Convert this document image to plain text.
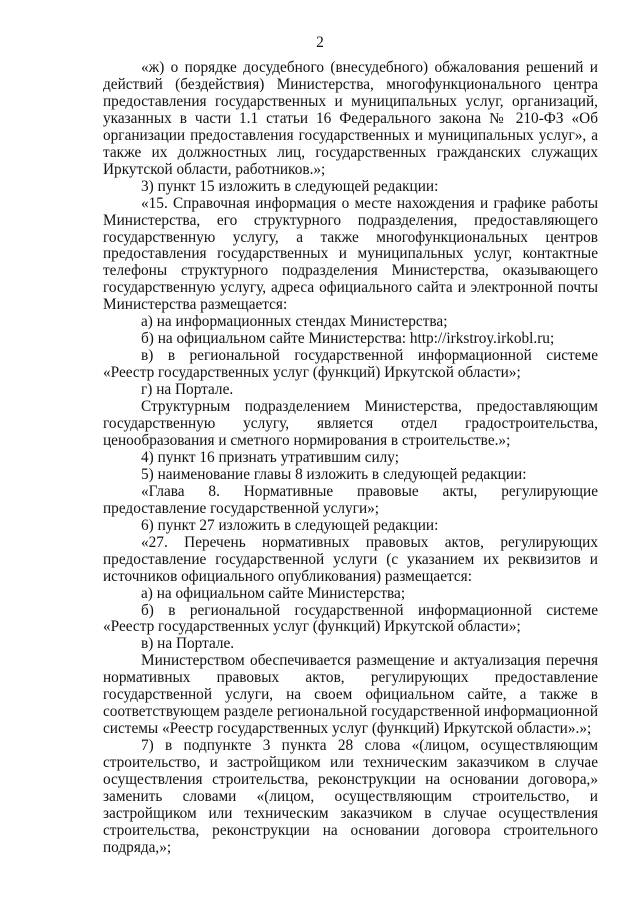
2

«ж) о порядке досудебного (внесудебного) обжалования решений и действий (бездействия) Министерства, многофункционального центра предоставления государственных и муниципальных услуг, организаций, указанных в части 1.1 статьи 16 Федерального закона № 210-ФЗ «Об организации предоставления государственных и муниципальных услуг», а также их должностных лиц, государственных гражданских служащих Иркутской области, работников.»;

3) пункт 15 изложить в следующей редакции:

«15. Справочная информация о месте нахождения и графике работы Министерства, его структурного подразделения, предоставляющего государственную услугу, а также многофункциональных центров предоставления государственных и муниципальных услуг, контактные телефоны структурного подразделения Министерства, оказывающего государственную услугу, адреса официального сайта и электронной почты Министерства размещается:

а) на информационных стендах Министерства;

б) на официальном сайте Министерства: http://irkstroy.irkobl.ru;

в) в региональной государственной информационной системе «Реестр государственных услуг (функций) Иркутской области»;

г) на Портале.

Структурным подразделением Министерства, предоставляющим государственную услугу, является отдел градостроительства, ценообразования и сметного нормирования в строительстве.»;

4) пункт 16 признать утратившим силу;

5) наименование главы 8 изложить в следующей редакции:

«Глава 8. Нормативные правовые акты, регулирующие предоставление государственной услуги»;

6) пункт 27 изложить в следующей редакции:

«27. Перечень нормативных правовых актов, регулирующих предоставление государственной услуги (с указанием их реквизитов и источников официального опубликования) размещается:

а) на официальном сайте Министерства;

б) в региональной государственной информационной системе «Реестр государственных услуг (функций) Иркутской области»;

в) на Портале.

Министерством обеспечивается размещение и актуализация перечня нормативных правовых актов, регулирующих предоставление государственной услуги, на своем официальном сайте, а также в соответствующем разделе региональной государственной информационной системы «Реестр государственных услуг (функций) Иркутской области».»;

7) в подпункте 3 пункта 28 слова «(лицом, осуществляющим строительство, и застройщиком или техническим заказчиком в случае осуществления строительства, реконструкции на основании договора,» заменить словами «(лицом, осуществляющим строительство, и застройщиком или техническим заказчиком в случае осуществления строительства, реконструкции на основании договора строительного подряда,»;
